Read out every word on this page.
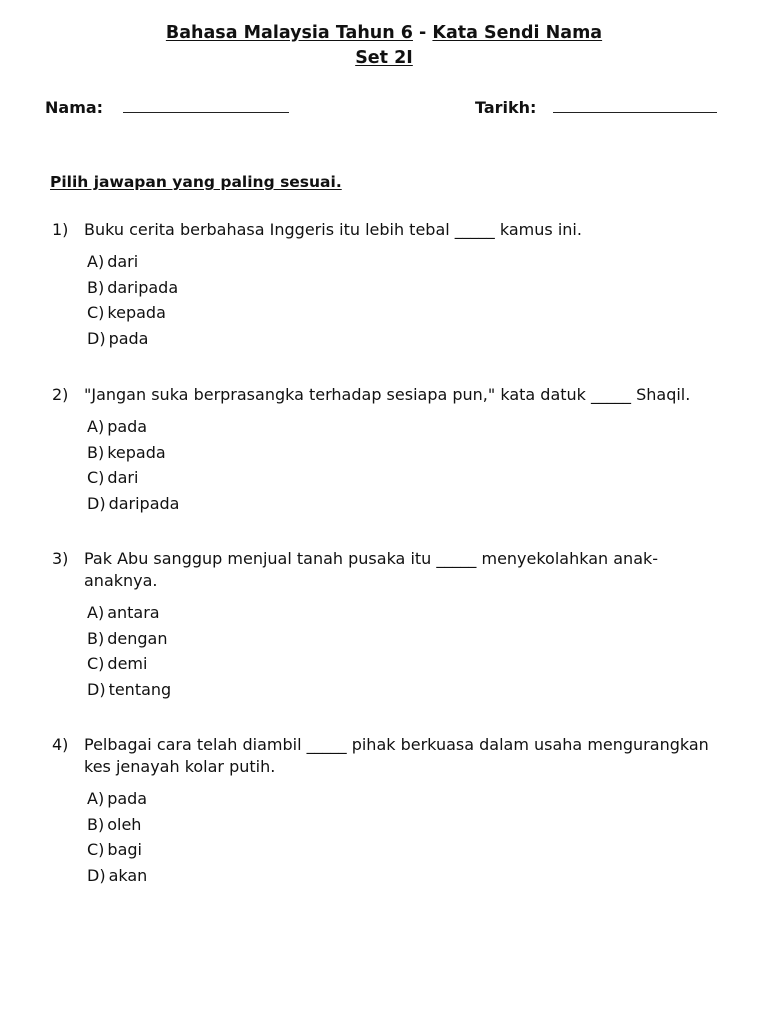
Bahasa Malaysia Tahun 6 - Kata Sendi Nama
Set 2I
Nama:	Tarikh:

Pilih jawapan yang paling sesuai.

1) Buku cerita berbahasa Inggeris itu lebih tebal _____ kamus ini.
A) dari
B) daripada
C) kepada
D) pada
2) "Jangan suka berprasangka terhadap sesiapa pun," kata datuk _____ Shaqil.
A) pada
B) kepada
C) dari
D) daripada
3) Pak Abu sanggup menjual tanah pusaka itu _____ menyekolahkan anak-anaknya.
A) antara
B) dengan
C) demi
D) tentang
4) Pelbagai cara telah diambil _____ pihak berkuasa dalam usaha mengurangkan kes jenayah kolar putih.
A) pada
B) oleh
C) bagi
D) akan
